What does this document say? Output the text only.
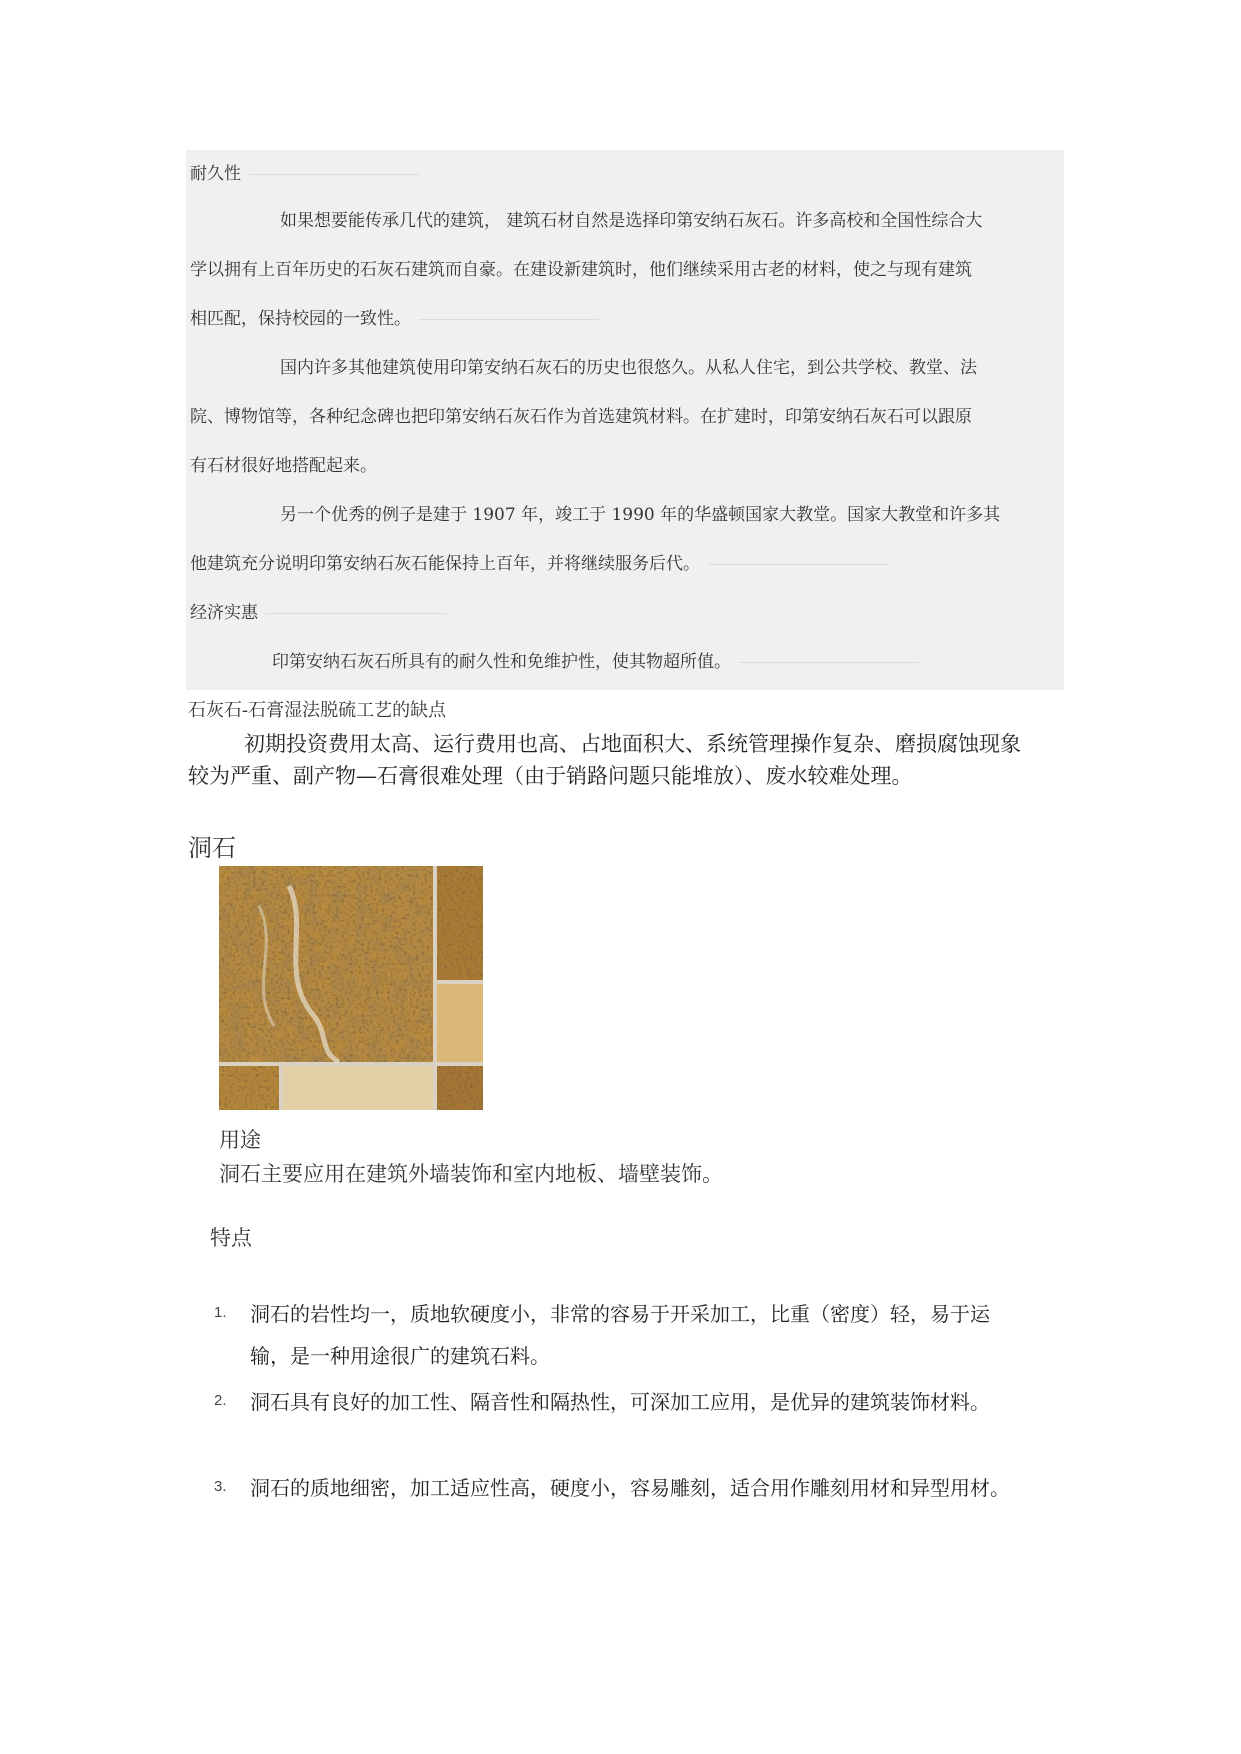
耐久性
如果想要能传承几代的建筑， 建筑石材自然是选择印第安纳石灰石。许多高校和全国性综合大
学以拥有上百年历史的石灰石建筑而自豪。在建设新建筑时，他们继续采用古老的材料，使之与现有建筑
相匹配，保持校园的一致性。
国内许多其他建筑使用印第安纳石灰石的历史也很悠久。从私人住宅，到公共学校、教堂、法
院、博物馆等，各种纪念碑也把印第安纳石灰石作为首选建筑材料。在扩建时，印第安纳石灰石可以跟原
有石材很好地搭配起来。
另一个优秀的例子是建于 1907 年，竣工于 1990 年的华盛顿国家大教堂。国家大教堂和许多其
他建筑充分说明印第安纳石灰石能保持上百年，并将继续服务后代。
经济实惠
印第安纳石灰石所具有的耐久性和免维护性，使其物超所值。
石灰石-石膏湿法脱硫工艺的缺点
初期投资费用太高、运行费用也高、占地面积大、系统管理操作复杂、磨损腐蚀现象
较为严重、副产物—石膏很难处理（由于销路问题只能堆放）、废水较难处理。
洞石
用途
洞石主要应用在建筑外墙装饰和室内地板、墙壁装饰。
特点
1. 洞石的岩性均一，质地软硬度小，非常的容易于开采加工，比重（密度）轻，易于运
输，是一种用途很广的建筑石料。
2. 洞石具有良好的加工性、隔音性和隔热性，可深加工应用，是优异的建筑装饰材料。
3. 洞石的质地细密，加工适应性高，硬度小，容易雕刻，适合用作雕刻用材和异型用材。
